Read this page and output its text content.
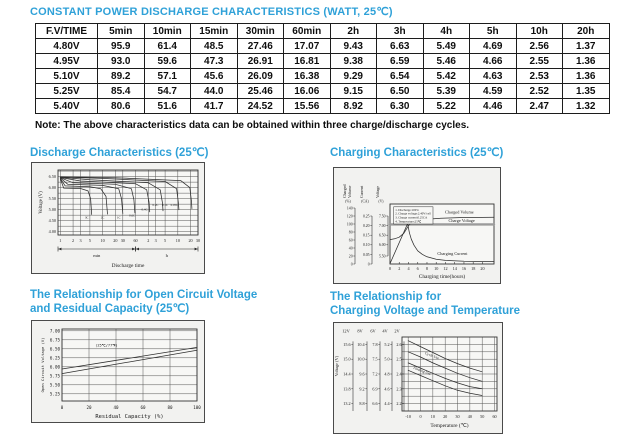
CONSTANT POWER DISCHARGE CHARACTERISTICS (WATT, 25℃)
F.V/TIME	5min	10min	15min	30min	60min	2h	3h	4h	5h	10h	20h
4.80V	95.9	61.4	48.5	27.46	17.07	9.43	6.63	5.49	4.69	2.56	1.37
4.95V	93.0	59.6	47.3	26.91	16.81	9.38	6.59	5.46	4.66	2.55	1.36
5.10V	89.2	57.1	45.6	26.09	16.38	9.29	6.54	5.42	4.63	2.53	1.36
5.25V	85.4	54.7	44.0	25.46	16.06	9.15	6.50	5.39	4.59	2.52	1.35
5.40V	80.6	51.6	41.7	24.52	15.56	8.92	6.30	5.22	4.46	2.47	1.32
Note: The above characteristics data can be obtained within three charge/discharge cycles.
Discharge Characteristics (25℃)	Charging Characteristics (25℃)
4.00
4.50
5.00
5.50
6.00
6.50
1	2 3 5 10 20 30 60 2 3 5 10 20 30
3C	2C	1C	0.6C
0.4C
0.2C 0.1C 0.05C
Voltage (V)
Discharge time
min	h
0 2 4 6 8 10 12 14 16 18 20
Charged Volume
Charge Voltage
Charging Current
Charging time(hours)
Charged Volume
(%)
140
120
100
80
60
40
20
0
Current
(CA)
0.25
0.20
0.15
0.10
0.05
0
Voltage
(V)
7.50
7.00
6.50
6.00
5.50
1. Discharge:100%
2. Charge voltage:2.40V/cell
3. Charge current:0.25CA
4. Temperature:25℃
The Relationship for Open Circuit Voltage
and Residual Capacity (25℃)
The Relationship for
Charging Voltage and Temperature
5.25
5.50
5.75
6.00
6.25
6.50
6.75
7.00
0	20	40	60	80	100
(25℃/77℉)
Open Circuit Voltage (V)
Residual Capacity (%)	-10 0 10 20 30 40 50 60
Cycle Use
Floating Use
Temperature (℃)
12V
15.6
15.0
14.4
13.8
13.2
8V
10.4
10.0
9.6
9.2
8.8
6V
7.8
7.5
7.2
6.9
6.6
4V
5.2
5.0
4.8
4.6
4.4
2V
2.6
2.5
2.4
2.3
2.2
Voltage (V)
